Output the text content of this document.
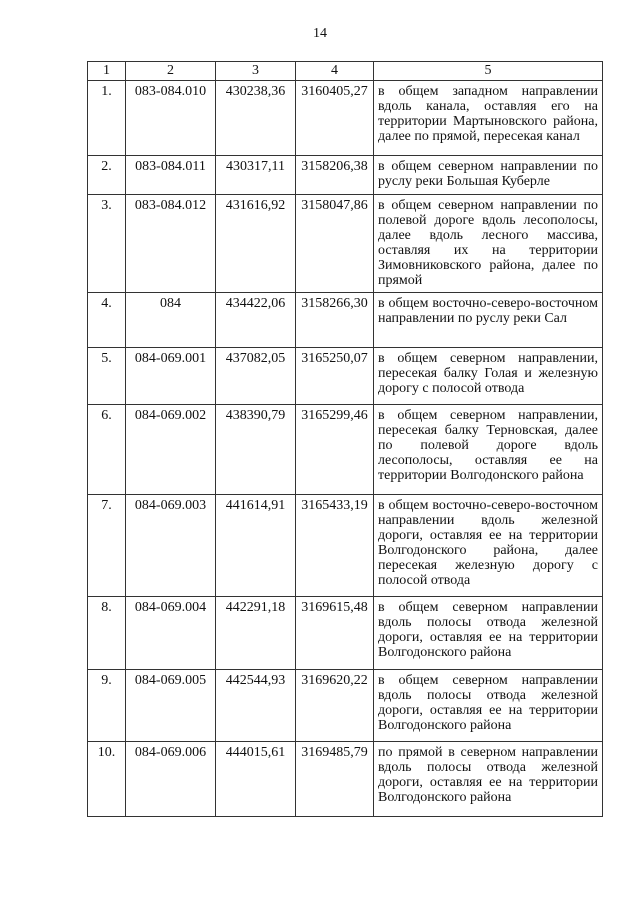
14
1	2	3	4	5
1.	083-084.010	430238,36	3160405,27	в общем западном направлении вдоль канала, оставляя его на территории Мартыновского района, далее по прямой, пересекая канал
2.	083-084.011	430317,11	3158206,38	в общем северном направлении по руслу реки Большая Куберле
3.	083-084.012	431616,92	3158047,86	в общем северном направлении по полевой дороге вдоль лесополосы, далее вдоль лесного массива, оставляя их на территории Зимовниковского района, далее по прямой
4.	084	434422,06	3158266,30	в общем восточно-северо-восточном направлении по руслу реки Сал
5.	084-069.001	437082,05	3165250,07	в общем северном направлении, пересекая балку Голая и железную дорогу с полосой отвода
6.	084-069.002	438390,79	3165299,46	в общем северном направлении, пересекая балку Терновская, далее по полевой дороге вдоль лесополосы, оставляя ее на территории Волгодонского района
7.	084-069.003	441614,91	3165433,19	в общем восточно-северо-восточном направлении вдоль железной дороги, оставляя ее на территории Волгодонского района, далее пересекая железную дорогу с полосой отвода
8.	084-069.004	442291,18	3169615,48	в общем северном направлении вдоль полосы отвода железной дороги, оставляя ее на территории Волгодонского района
9.	084-069.005	442544,93	3169620,22	в общем северном направлении вдоль полосы отвода железной дороги, оставляя ее на территории Волгодонского района
10.	084-069.006	444015,61	3169485,79	по прямой в северном направлении вдоль полосы отвода железной дороги, оставляя ее на территории Волгодонского района
